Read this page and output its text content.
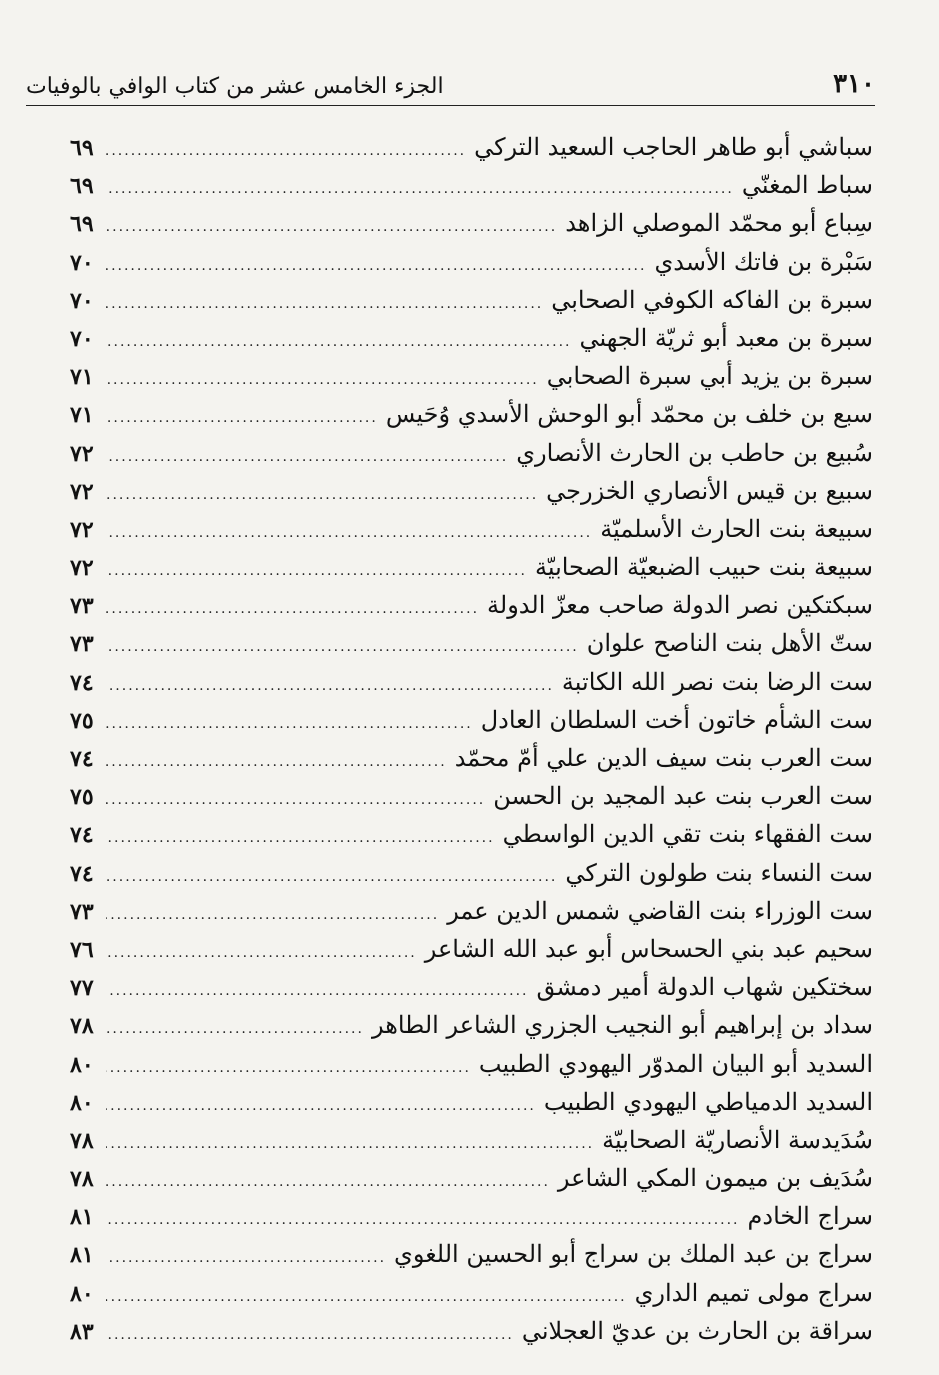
٣١٠
الجزء الخامس عشر من كتاب الوافي بالوفيات
سباشي أبو طاهر الحاجب السعيد التركي
.....
٦٩
سباط المغنّي
.....
٦٩
سِباع أبو محمّد الموصلي الزاهد
.....
٦٩
سَبْرة بن فاتك الأسدي
.....
٧٠
سبرة بن الفاكه الكوفي الصحابي
.....
٧٠
سبرة بن معبد أبو ثريّة الجهني
.....
٧٠
سبرة بن يزيد أبي سبرة الصحابي
.....
٧١
سبع بن خلف بن محمّد أبو الوحش الأسدي وُحَيس
.....
٧١
سُبيع بن حاطب بن الحارث الأنصاري
.....
٧٢
سبيع بن قيس الأنصاري الخزرجي
.....
٧٢
سبيعة بنت الحارث الأسلميّة
.....
٧٢
سبيعة بنت حبيب الضبعيّة الصحابيّة
.....
٧٢
سبكتكين نصر الدولة صاحب معزّ الدولة
.....
٧٣
ستّ الأهل بنت الناصح علوان
.....
٧٣
ست الرضا بنت نصر الله الكاتبة
.....
٧٤
ست الشأم خاتون أخت السلطان العادل
.....
٧٥
ست العرب بنت سيف الدين علي أمّ محمّد
.....
٧٤
ست العرب بنت عبد المجيد بن الحسن
.....
٧٥
ست الفقهاء بنت تقي الدين الواسطي
.....
٧٤
ست النساء بنت طولون التركي
.....
٧٤
ست الوزراء بنت القاضي شمس الدين عمر
.....
٧٣
سحيم عبد بني الحسحاس أبو عبد الله الشاعر
.....
٧٦
سختكين شهاب الدولة أمير دمشق
.....
٧٧
سداد بن إبراهيم أبو النجيب الجزري الشاعر الطاهر
.....
٧٨
السديد أبو البيان المدوّر اليهودي الطبيب
.....
٨٠
السديد الدمياطي اليهودي الطبيب
.....
٨٠
سُدَيدسة الأنصاريّة الصحابيّة
.....
٧٨
سُدَيف بن ميمون المكي الشاعر
.....
٧٨
سراج الخادم
.....
٨١
سراج بن عبد الملك بن سراج أبو الحسين اللغوي
.....
٨١
سراج مولى تميم الداري
.....
٨٠
سراقة بن الحارث بن عديّ العجلاني
.....
٨٣
